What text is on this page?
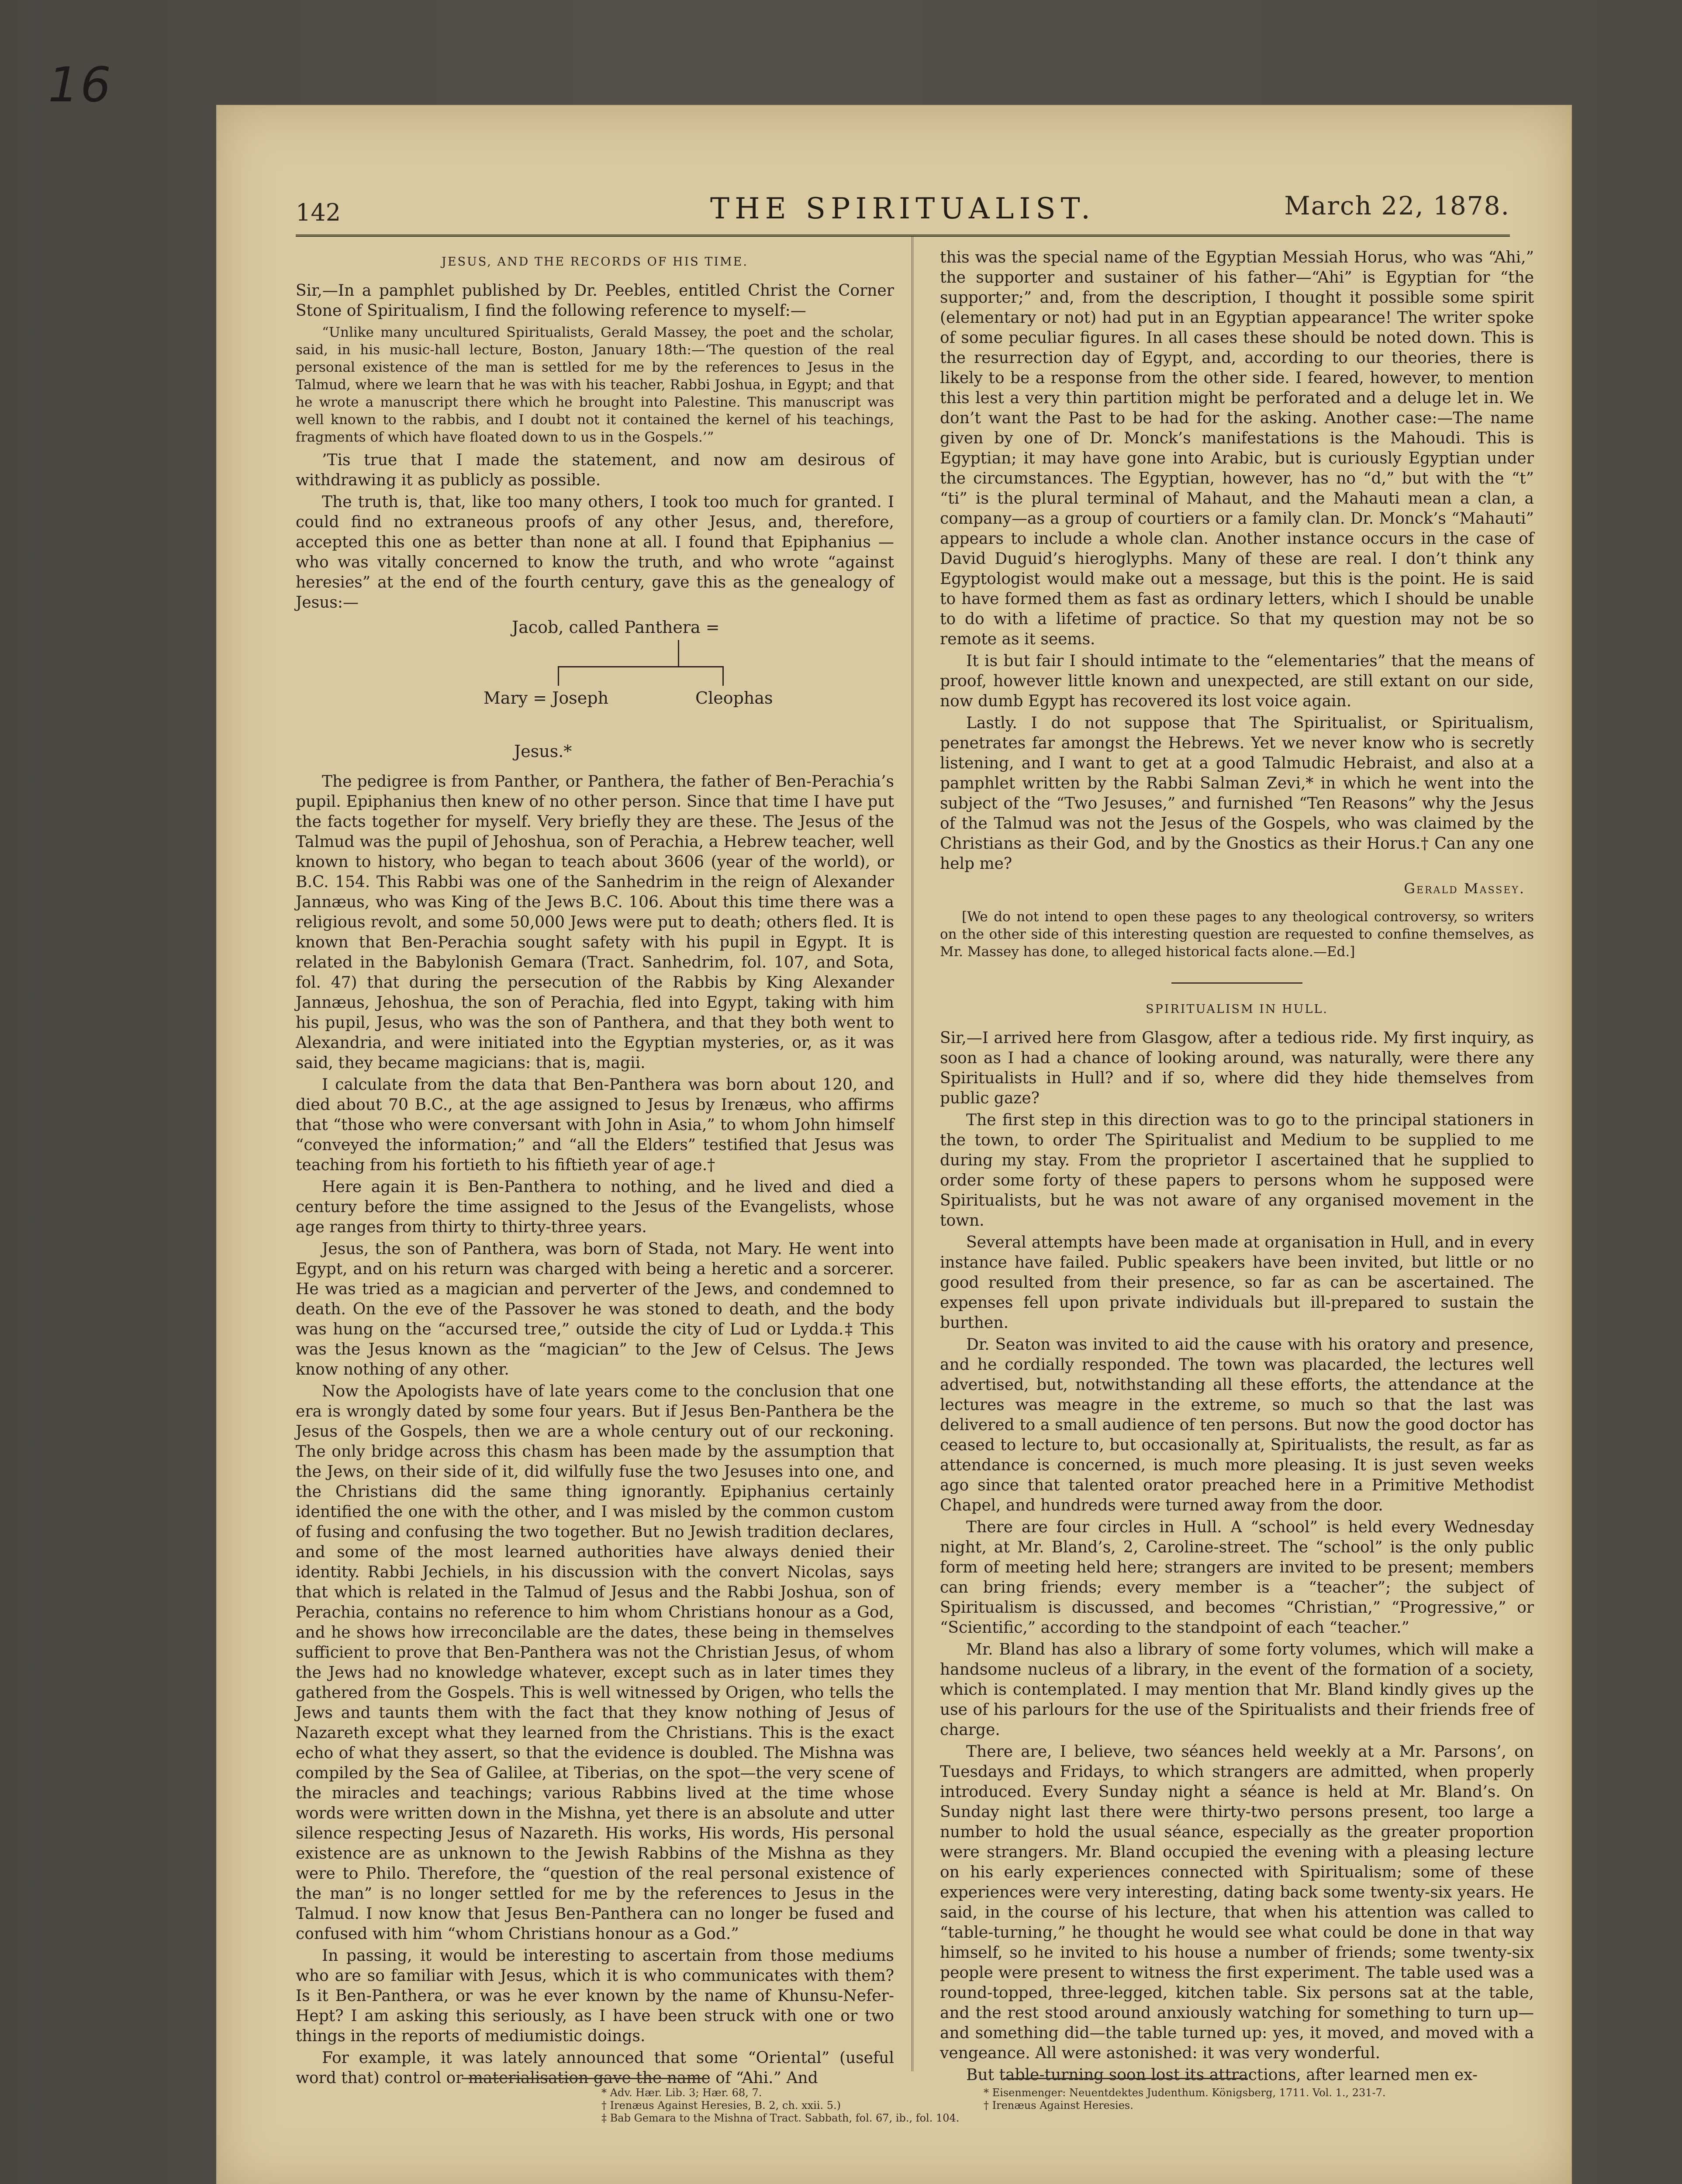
16
142	THE SPIRITUALIST.	March 22, 1878.
JESUS, AND THE RECORDS OF HIS TIME.

Sir,—In a pamphlet published by Dr. Peebles, entitled Christ the Corner Stone of Spiritualism, I find the following reference to myself:—

“Unlike many uncultured Spiritualists, Gerald Massey, the poet and the scholar, said, in his music-hall lecture, Boston, January 18th:—‘The question of the real personal existence of the man is settled for me by the references to Jesus in the Talmud, where we learn that he was with his teacher, Rabbi Joshua, in Egypt; and that he wrote a manuscript there which he brought into Palestine. This manuscript was well known to the rabbis, and I doubt not it contained the kernel of his teachings, fragments of which have floated down to us in the Gospels.’”

’Tis true that I made the statement, and now am desirous of withdrawing it as publicly as possible.

The truth is, that, like too many others, I took too much for granted. I could find no extraneous proofs of any other Jesus, and, therefore, accepted this one as better than none at all. I found that Epiphanius —who was vitally concerned to know the truth, and who wrote “against heresies” at the end of the fourth century, gave this as the genealogy of Jesus:—

Jacob, called Panthera =
Mary = Joseph	Cleophas
Jesus.*

The pedigree is from Panther, or Panthera, the father of Ben-Perachia’s pupil. Epiphanius then knew of no other person. Since that time I have put the facts together for myself. Very briefly they are these. The Jesus of the Talmud was the pupil of Jehoshua, son of Perachia, a Hebrew teacher, well known to history, who began to teach about 3606 (year of the world), or B.C. 154. This Rabbi was one of the Sanhedrim in the reign of Alexander Jannæus, who was King of the Jews B.C. 106. About this time there was a religious revolt, and some 50,000 Jews were put to death; others fled. It is known that Ben-Perachia sought safety with his pupil in Egypt. It is related in the Babylonish Gemara (Tract. Sanhedrim, fol. 107, and Sota, fol. 47) that during the persecution of the Rabbis by King Alexander Jannæus, Jehoshua, the son of Perachia, fled into Egypt, taking with him his pupil, Jesus, who was the son of Panthera, and that they both went to Alexandria, and were initiated into the Egyptian mysteries, or, as it was said, they became magicians: that is, magii.

I calculate from the data that Ben-Panthera was born about 120, and died about 70 B.C., at the age assigned to Jesus by Irenæus, who affirms that “those who were conversant with John in Asia,” to whom John himself “conveyed the information;” and “all the Elders” testified that Jesus was teaching from his fortieth to his fiftieth year of age.†

Here again it is Ben-Panthera to nothing, and he lived and died a century before the time assigned to the Jesus of the Evangelists, whose age ranges from thirty to thirty-three years.

Jesus, the son of Panthera, was born of Stada, not Mary. He went into Egypt, and on his return was charged with being a heretic and a sorcerer. He was tried as a magician and perverter of the Jews, and condemned to death. On the eve of the Passover he was stoned to death, and the body was hung on the “accursed tree,” outside the city of Lud or Lydda.‡ This was the Jesus known as the “magician” to the Jew of Celsus. The Jews know nothing of any other.

Now the Apologists have of late years come to the conclusion that one era is wrongly dated by some four years. But if Jesus Ben-Panthera be the Jesus of the Gospels, then we are a whole century out of our reckoning. The only bridge across this chasm has been made by the assumption that the Jews, on their side of it, did wilfully fuse the two Jesuses into one, and the Christians did the same thing ignorantly. Epiphanius certainly identified the one with the other, and I was misled by the common custom of fusing and confusing the two together. But no Jewish tradition declares, and some of the most learned authorities have always denied their identity. Rabbi Jechiels, in his discussion with the convert Nicolas, says that which is related in the Talmud of Jesus and the Rabbi Joshua, son of Perachia, contains no reference to him whom Christians honour as a God, and he shows how irreconcilable are the dates, these being in themselves sufficient to prove that Ben-Panthera was not the Christian Jesus, of whom the Jews had no knowledge whatever, except such as in later times they gathered from the Gospels. This is well witnessed by Origen, who tells the Jews and taunts them with the fact that they know nothing of Jesus of Nazareth except what they learned from the Christians. This is the exact echo of what they assert, so that the evidence is doubled. The Mishna was compiled by the Sea of Galilee, at Tiberias, on the spot—the very scene of the miracles and teachings; various Rabbins lived at the time whose words were written down in the Mishna, yet there is an absolute and utter silence respecting Jesus of Nazareth. His works, His words, His personal existence are as unknown to the Jewish Rabbins of the Mishna as they were to Philo. Therefore, the “question of the real personal existence of the man” is no longer settled for me by the references to Jesus in the Talmud. I now know that Jesus Ben-Panthera can no longer be fused and confused with him “whom Christians honour as a God.”

In passing, it would be interesting to ascertain from those mediums who are so familiar with Jesus, which it is who communicates with them? Is it Ben-Panthera, or was he ever known by the name of Khunsu-Nefer-Hept? I am asking this seriously, as I have been struck with one or two things in the reports of mediumistic doings.

For example, it was lately announced that some “Oriental” (useful word that) control or materialisation gave the name of “Ahi.” And

this was the special name of the Egyptian Messiah Horus, who was “Ahi,” the supporter and sustainer of his father—“Ahi” is Egyptian for “the supporter;” and, from the description, I thought it possible some spirit (elementary or not) had put in an Egyptian appearance! The writer spoke of some peculiar figures. In all cases these should be noted down. This is the resurrection day of Egypt, and, according to our theories, there is likely to be a response from the other side. I feared, however, to mention this lest a very thin partition might be perforated and a deluge let in. We don’t want the Past to be had for the asking. Another case:—The name given by one of Dr. Monck’s manifestations is the Mahoudi. This is Egyptian; it may have gone into Arabic, but is curiously Egyptian under the circumstances. The Egyptian, however, has no “d,” but with the “t” “ti” is the plural terminal of Mahaut, and the Mahauti mean a clan, a company—as a group of courtiers or a family clan. Dr. Monck’s “Mahauti” appears to include a whole clan. Another instance occurs in the case of David Duguid’s hieroglyphs. Many of these are real. I don’t think any Egyptologist would make out a message, but this is the point. He is said to have formed them as fast as ordinary letters, which I should be unable to do with a lifetime of practice. So that my question may not be so remote as it seems.

It is but fair I should intimate to the “elementaries” that the means of proof, however little known and unexpected, are still extant on our side, now dumb Egypt has recovered its lost voice again.

Lastly. I do not suppose that The Spiritualist, or Spiritualism, penetrates far amongst the Hebrews. Yet we never know who is secretly listening, and I want to get at a good Talmudic Hebraist, and also at a pamphlet written by the Rabbi Salman Zevi,* in which he went into the subject of the “Two Jesuses,” and furnished “Ten Reasons” why the Jesus of the Talmud was not the Jesus of the Gospels, who was claimed by the Christians as their God, and by the Gnostics as their Horus.† Can any one help me?

Gerald Massey.

[We do not intend to open these pages to any theological controversy, so writers on the other side of this interesting question are requested to confine themselves, as Mr. Massey has done, to alleged historical facts alone.—Ed.]

SPIRITUALISM IN HULL.

Sir,—I arrived here from Glasgow, after a tedious ride. My first inquiry, as soon as I had a chance of looking around, was naturally, were there any Spiritualists in Hull? and if so, where did they hide themselves from public gaze?

The first step in this direction was to go to the principal stationers in the town, to order The Spiritualist and Medium to be supplied to me during my stay. From the proprietor I ascertained that he supplied to order some forty of these papers to persons whom he supposed were Spiritualists, but he was not aware of any organised movement in the town.

Several attempts have been made at organisation in Hull, and in every instance have failed. Public speakers have been invited, but little or no good resulted from their presence, so far as can be ascertained. The expenses fell upon private individuals but ill-prepared to sustain the burthen.

Dr. Seaton was invited to aid the cause with his oratory and presence, and he cordially responded. The town was placarded, the lectures well advertised, but, notwithstanding all these efforts, the attendance at the lectures was meagre in the extreme, so much so that the last was delivered to a small audience of ten persons. But now the good doctor has ceased to lecture to, but occasionally at, Spiritualists, the result, as far as attendance is concerned, is much more pleasing. It is just seven weeks ago since that talented orator preached here in a Primitive Methodist Chapel, and hundreds were turned away from the door.

There are four circles in Hull. A “school” is held every Wednesday night, at Mr. Bland’s, 2, Caroline-street. The “school” is the only public form of meeting held here; strangers are invited to be present; members can bring friends; every member is a “teacher”; the subject of Spiritualism is discussed, and becomes “Christian,” “Progressive,” or “Scientific,” according to the standpoint of each “teacher.”

Mr. Bland has also a library of some forty volumes, which will make a handsome nucleus of a library, in the event of the formation of a society, which is contemplated. I may mention that Mr. Bland kindly gives up the use of his parlours for the use of the Spiritualists and their friends free of charge.

There are, I believe, two séances held weekly at a Mr. Parsons’, on Tuesdays and Fridays, to which strangers are admitted, when properly introduced. Every Sunday night a séance is held at Mr. Bland’s. On Sunday night last there were thirty-two persons present, too large a number to hold the usual séance, especially as the greater proportion were strangers. Mr. Bland occupied the evening with a pleasing lecture on his early experiences connected with Spiritualism; some of these experiences were very interesting, dating back some twenty-six years. He said, in the course of his lecture, that when his attention was called to “table-turning,” he thought he would see what could be done in that way himself, so he invited to his house a number of friends; some twenty-six people were present to witness the first experiment. The table used was a round-topped, three-legged, kitchen table. Six persons sat at the table, and the rest stood around anxiously watching for something to turn up—and something did—the table turned up: yes, it moved, and moved with a vengeance. All were astonished: it was very wonderful.

But table-turning soon lost its attractions, after learned men ex-

* Adv. Hær. Lib. 3; Hær. 68, 7.
† Irenæus Against Heresies, B. 2, ch. xxii. 5.)
‡ Bab Gemara to the Mishna of Tract. Sabbath, fol. 67, ib., fol. 104.
* Eisenmenger: Neuentdektes Judenthum. Königsberg, 1711. Vol. 1., 231-7.
† Irenæus Against Heresies.
